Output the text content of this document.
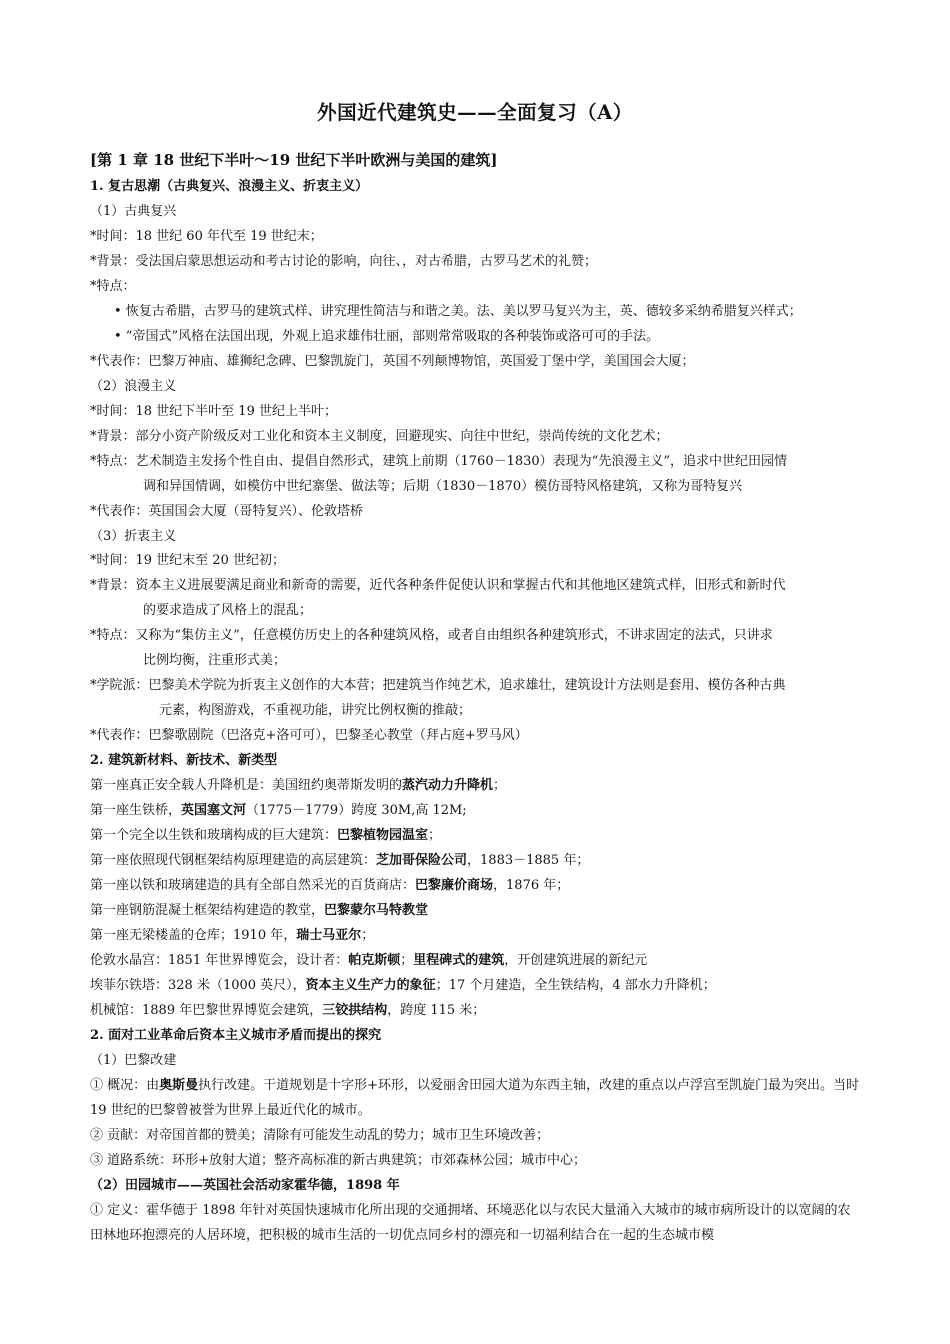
外国近代建筑史——全面复习（A）
[第 1 章 18 世纪下半叶～19 世纪下半叶欧洲与美国的建筑]
1. 复古思潮（古典复兴、浪漫主义、折衷主义）
（1）古典复兴
*时间：18 世纪 60 年代至 19 世纪末；
*背景：受法国启蒙思想运动和考古讨论的影响，向往、，对古希腊，古罗马艺术的礼赞；
*特点：
• 恢复古希腊，古罗马的建筑式样、讲究理性简洁与和谐之美。法、美以罗马复兴为主，英、德较多采纳希腊复兴样式；
• “帝国式”风格在法国出现，外观上追求雄伟壮丽，部则常常吸取的各种装饰或洛可可的手法。
*代表作：巴黎万神庙、雄狮纪念碑、巴黎凯旋门，英国不列颠博物馆，英国爱丁堡中学，美国国会大厦；
（2）浪漫主义
*时间：18 世纪下半叶至 19 世纪上半叶；
*背景：部分小资产阶级反对工业化和资本主义制度，回避现实、向往中世纪，崇尚传统的文化艺术；
*特点：艺术制造主发扬个性自由、提倡自然形式，建筑上前期（1760－1830）表现为“先浪漫主义”，追求中世纪田园情
调和异国情调，如模仿中世纪寨堡、做法等；后期（1830－1870）模仿哥特风格建筑，又称为哥特复兴
*代表作：英国国会大厦（哥特复兴）、伦敦塔桥
（3）折衷主义
*时间：19 世纪末至 20 世纪初；
*背景：资本主义进展要满足商业和新奇的需要，近代各种条件促使认识和掌握古代和其他地区建筑式样，旧形式和新时代
的要求造成了风格上的混乱；
*特点：又称为“集仿主义”，任意模仿历史上的各种建筑风格，或者自由组织各种建筑形式，不讲求固定的法式，只讲求
比例均衡，注重形式美；
*学院派：巴黎美术学院为折衷主义创作的大本营；把建筑当作纯艺术，追求雄壮，建筑设计方法则是套用、模仿各种古典
元素，构图游戏，不重视功能，讲究比例权衡的推敲；
*代表作：巴黎歌剧院（巴洛克+洛可可），巴黎圣心教堂（拜占庭+罗马风）
2. 建筑新材料、新技术、新类型
第一座真正安全载人升降机是：美国纽约奥蒂斯发明的蒸汽动力升降机；
第一座生铁桥，英国塞文河（1775－1779）跨度 30M,高 12M;
第一个完全以生铁和玻璃构成的巨大建筑：巴黎植物园温室；
第一座依照现代钢框架结构原理建造的高层建筑：芝加哥保险公司，1883－1885 年；
第一座以铁和玻璃建造的具有全部自然采光的百货商店：巴黎廉价商场，1876 年；
第一座钢筋混凝土框架结构建造的教堂，巴黎蒙尔马特教堂
第一座无梁楼盖的仓库；1910 年，瑞士马亚尔；
伦敦水晶宫：1851 年世界博览会，设计者：帕克斯顿；里程碑式的建筑，开创建筑进展的新纪元
埃菲尔铁塔：328 米（1000 英尺），资本主义生产力的象征；17 个月建造，全生铁结构，4 部水力升降机；
机械馆：1889 年巴黎世界博览会建筑，三铰拱结构，跨度 115 米；
2. 面对工业革命后资本主义城市矛盾而提出的探究
（1）巴黎改建
① 概况：由奥斯曼执行改建。干道规划是十字形+环形，以爱丽舍田园大道为东西主轴，改建的重点以卢浮宫至凯旋门最为突出。当时 19 世纪的巴黎曾被誉为世界上最近代化的城市。
② 贡献：对帝国首都的赞美；清除有可能发生动乱的势力；城市卫生环境改善；
③ 道路系统：环形+放射大道；整齐高标准的新古典建筑；市郊森林公园；城市中心；
（2）田园城市——英国社会活动家霍华德，1898 年
① 定义：霍华德于 1898 年针对英国快速城市化所出现的交通拥堵、环境恶化以与农民大量涌入大城市的城市病所设计的以宽阔的农田林地环抱漂亮的人居环境，把积极的城市生活的一切优点同乡村的漂亮和一切福利结合在一起的生态城市模
